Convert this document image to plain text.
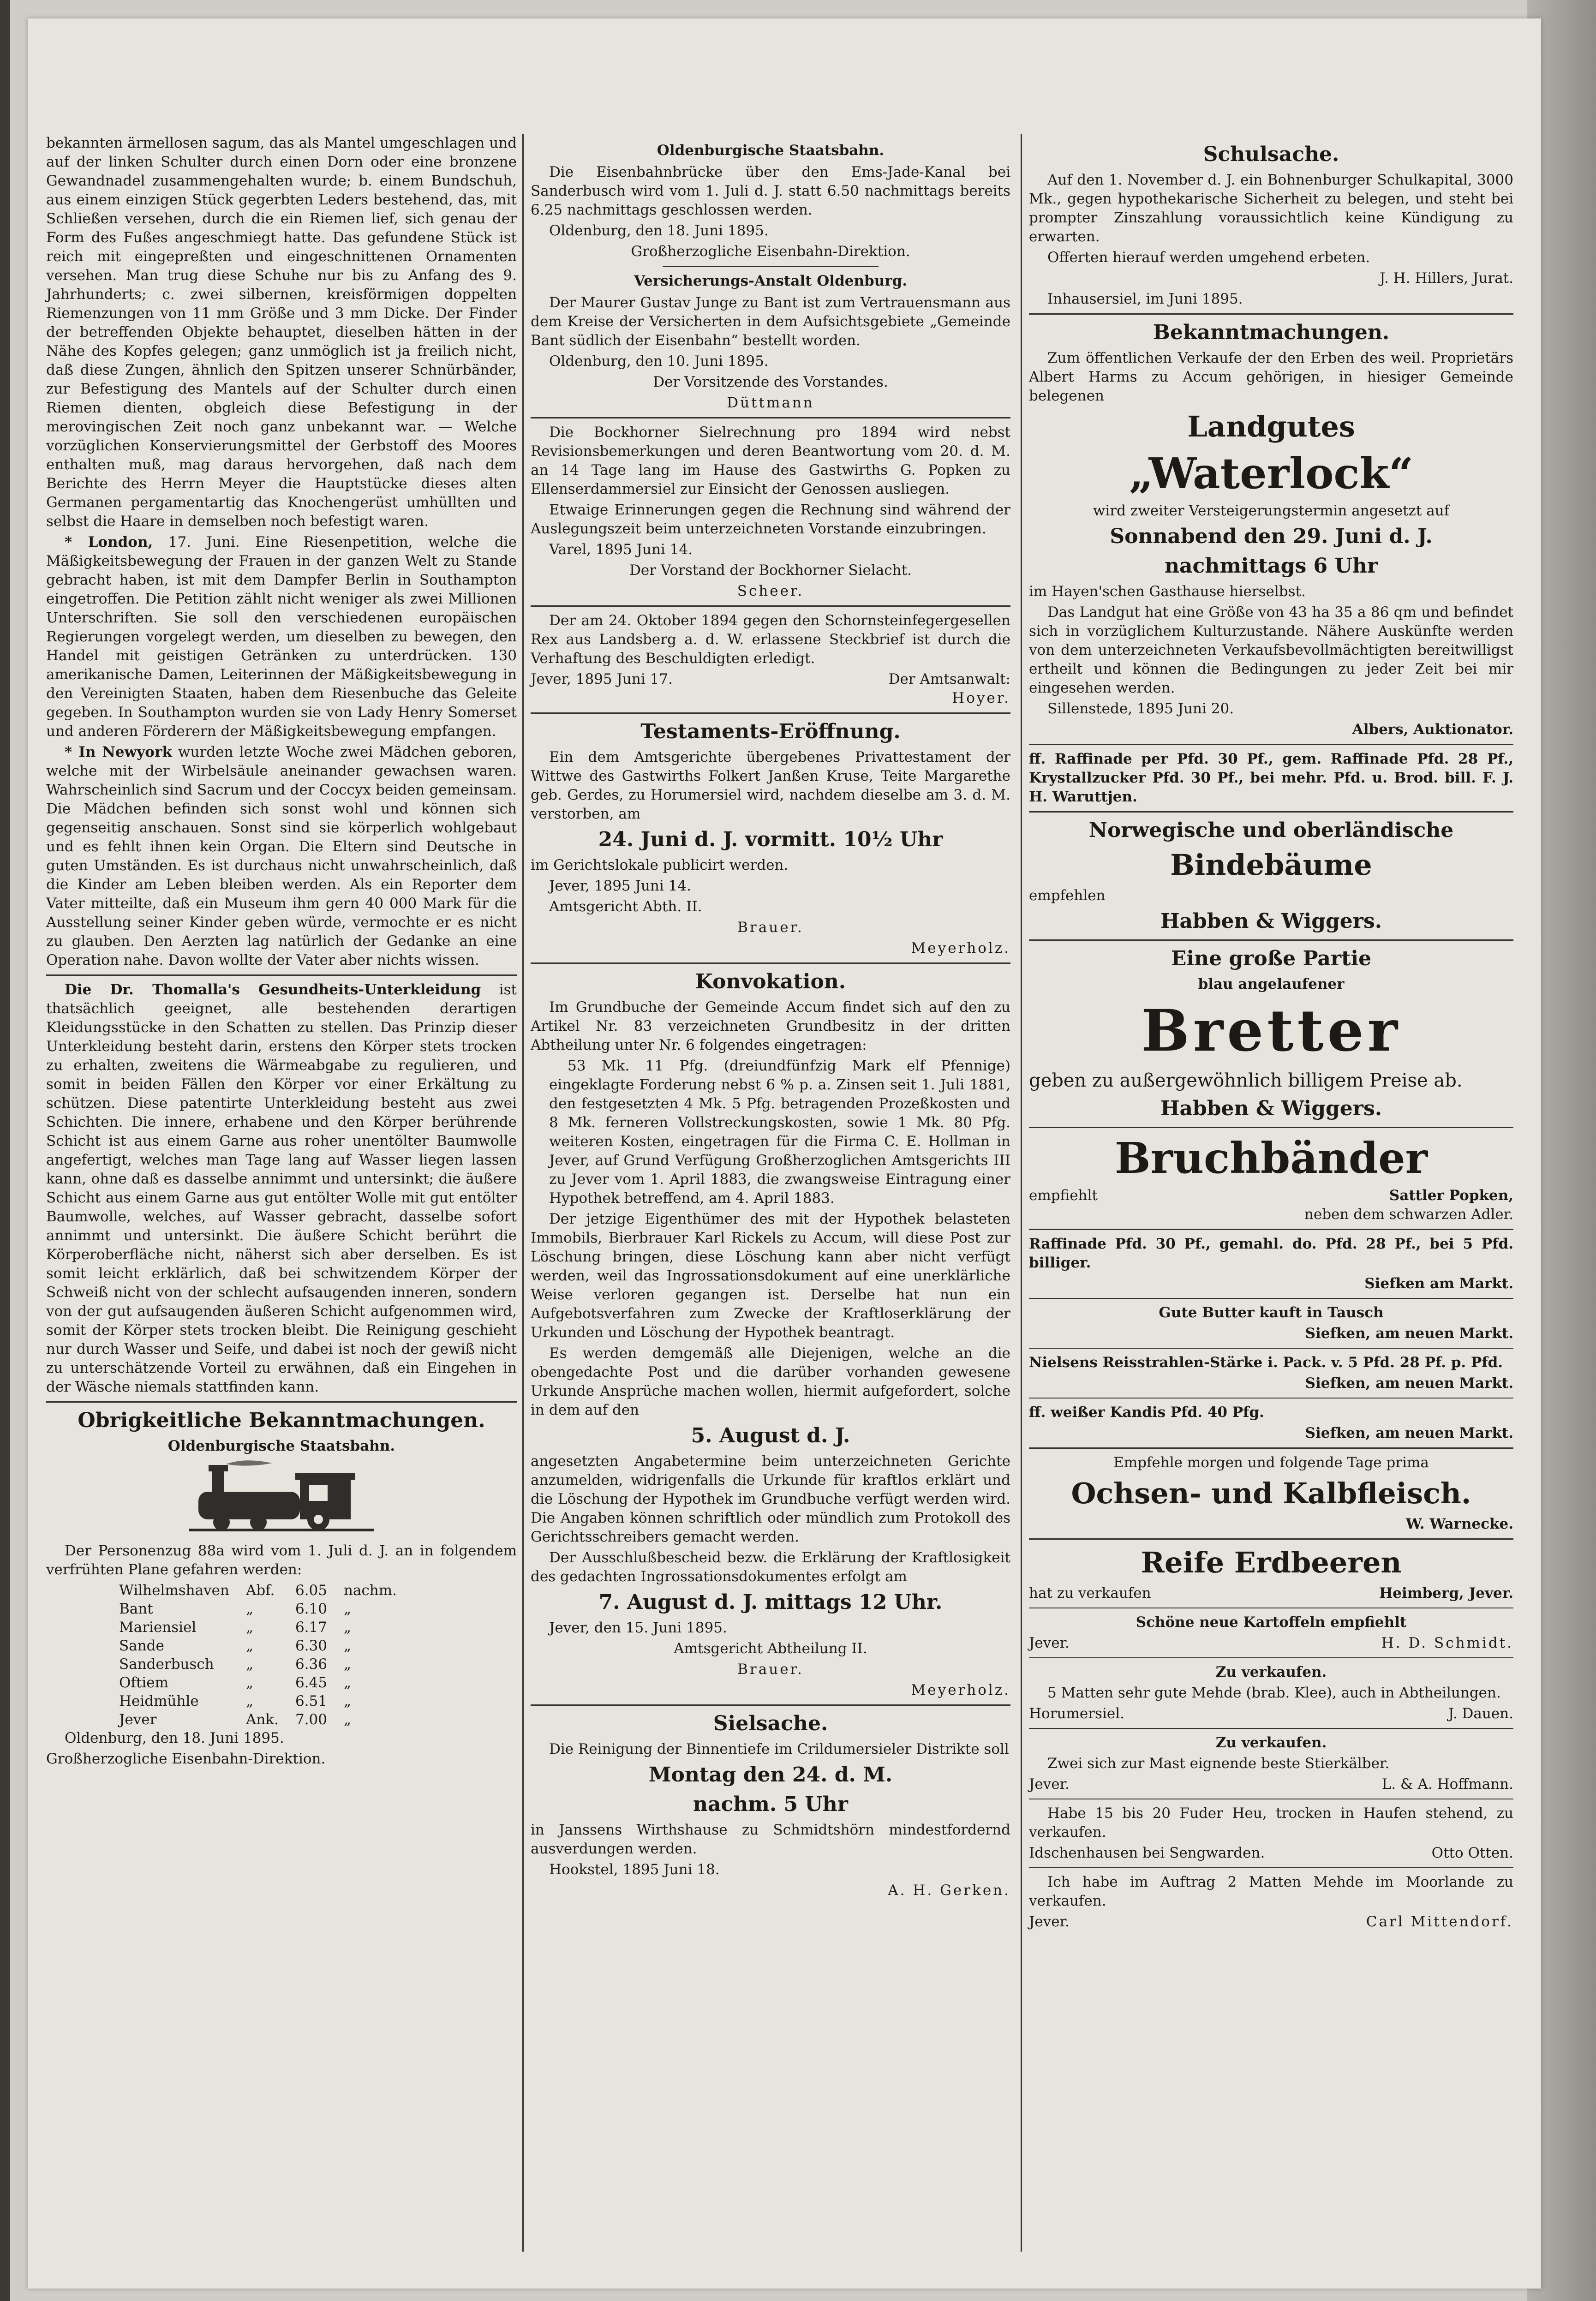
bekannten ärmellosen sagum, das als Mantel umgeschlagen und auf der linken Schulter durch einen Dorn oder eine bronzene Gewandnadel zusammengehalten wurde; b. einem Bundschuh, aus einem einzigen Stück gegerbten Leders bestehend, das, mit Schließen versehen, durch die ein Riemen lief, sich genau der Form des Fußes angeschmiegt hatte. Das gefundene Stück ist reich mit eingepreßten und eingeschnittenen Ornamenten versehen. Man trug diese Schuhe nur bis zu Anfang des 9. Jahrhunderts; c. zwei silbernen, kreisförmigen doppelten Riemenzungen von 11 mm Größe und 3 mm Dicke. Der Finder der betreffenden Objekte behauptet, dieselben hätten in der Nähe des Kopfes gelegen; ganz unmöglich ist ja freilich nicht, daß diese Zungen, ähnlich den Spitzen unserer Schnürbänder, zur Befestigung des Mantels auf der Schulter durch einen Riemen dienten, obgleich diese Befestigung in der merovingischen Zeit noch ganz unbekannt war. — Welche vorzüglichen Konservierungsmittel der Gerbstoff des Moores enthalten muß, mag daraus hervorgehen, daß nach dem Berichte des Herrn Meyer die Hauptstücke dieses alten Germanen pergamentartig das Knochengerüst umhüllten und selbst die Haare in demselben noch befestigt waren.

* London, 17. Juni. Eine Riesenpetition, welche die Mäßigkeitsbewegung der Frauen in der ganzen Welt zu Stande gebracht haben, ist mit dem Dampfer Berlin in Southampton eingetroffen. Die Petition zählt nicht weniger als zwei Millionen Unterschriften. Sie soll den verschiedenen europäischen Regierungen vorgelegt werden, um dieselben zu bewegen, den Handel mit geistigen Getränken zu unterdrücken. 130 amerikanische Damen, Leiterinnen der Mäßigkeitsbewegung in den Vereinigten Staaten, haben dem Riesenbuche das Geleite gegeben. In Southampton wurden sie von Lady Henry Somerset und anderen Förderern der Mäßigkeitsbewegung empfangen.

* In Newyork wurden letzte Woche zwei Mädchen geboren, welche mit der Wirbelsäule aneinander gewachsen waren. Wahrscheinlich sind Sacrum und der Coccyx beiden gemeinsam. Die Mädchen befinden sich sonst wohl und können sich gegenseitig anschauen. Sonst sind sie körperlich wohlgebaut und es fehlt ihnen kein Organ. Die Eltern sind Deutsche in guten Umständen. Es ist durchaus nicht unwahrscheinlich, daß die Kinder am Leben bleiben werden. Als ein Reporter dem Vater mitteilte, daß ein Museum ihm gern 40 000 Mark für die Ausstellung seiner Kinder geben würde, vermochte er es nicht zu glauben. Den Aerzten lag natürlich der Gedanke an eine Operation nahe. Davon wollte der Vater aber nichts wissen.

Die Dr. Thomalla's Gesundheits-Unterkleidung ist thatsächlich geeignet, alle bestehenden derartigen Kleidungsstücke in den Schatten zu stellen. Das Prinzip dieser Unterkleidung besteht darin, erstens den Körper stets trocken zu erhalten, zweitens die Wärmeabgabe zu regulieren, und somit in beiden Fällen den Körper vor einer Erkältung zu schützen. Diese patentirte Unterkleidung besteht aus zwei Schichten. Die innere, erhabene und den Körper berührende Schicht ist aus einem Garne aus roher unentölter Baumwolle angefertigt, welches man Tage lang auf Wasser liegen lassen kann, ohne daß es dasselbe annimmt und untersinkt; die äußere Schicht aus einem Garne aus gut entölter Wolle mit gut entölter Baumwolle, welches, auf Wasser gebracht, dasselbe sofort annimmt und untersinkt. Die äußere Schicht berührt die Körperoberfläche nicht, näherst sich aber derselben. Es ist somit leicht erklärlich, daß bei schwitzendem Körper der Schweiß nicht von der schlecht aufsaugenden inneren, sondern von der gut aufsaugenden äußeren Schicht aufgenommen wird, somit der Körper stets trocken bleibt. Die Reinigung geschieht nur durch Wasser und Seife, und dabei ist noch der gewiß nicht zu unterschätzende Vorteil zu erwähnen, daß ein Eingehen in der Wäsche niemals stattfinden kann.

Obrigkeitliche Bekanntmachungen.
Oldenburgische Staatsbahn.

Der Personenzug 88a wird vom 1. Juli d. J. an in folgendem verfrühten Plane gefahren werden:

Wilhelmshaven	Abf.	6.05	nachm.
Bant	„	6.10	„
Mariensiel	„	6.17	„
Sande	„	6.30	„
Sanderbusch	„	6.36	„
Oftiem	„	6.45	„
Heidmühle	„	6.51	„
Jever	Ank.	7.00	„

Oldenburg, den 18. Juni 1895.

Großherzogliche Eisenbahn-Direktion.

Oldenburgische Staatsbahn.

Die Eisenbahnbrücke über den Ems-Jade-Kanal bei Sanderbusch wird vom 1. Juli d. J. statt 6.50 nachmittags bereits 6.25 nachmittags geschlossen werden.

Oldenburg, den 18. Juni 1895.

Großherzogliche Eisenbahn-Direktion.

Versicherungs-Anstalt Oldenburg.

Der Maurer Gustav Junge zu Bant ist zum Vertrauensmann aus dem Kreise der Versicherten in dem Aufsichtsgebiete „Gemeinde Bant südlich der Eisenbahn“ bestellt worden.

Oldenburg, den 10. Juni 1895.

Der Vorsitzende des Vorstandes.

Düttmann

Die Bockhorner Sielrechnung pro 1894 wird nebst Revisionsbemerkungen und deren Beantwortung vom 20. d. M. an 14 Tage lang im Hause des Gastwirths G. Popken zu Ellenserdammersiel zur Einsicht der Genossen ausliegen.

Etwaige Erinnerungen gegen die Rechnung sind während der Auslegungszeit beim unterzeichneten Vorstande einzubringen.

Varel, 1895 Juni 14.

Der Vorstand der Bockhorner Sielacht.

Scheer.

Der am 24. Oktober 1894 gegen den Schornsteinfegergesellen Rex aus Landsberg a. d. W. erlassene Steckbrief ist durch die Verhaftung des Beschuldigten erledigt.

Jever, 1895 Juni 17.	Der Amtsanwalt:

Hoyer.

Testaments-Eröffnung.

Ein dem Amtsgerichte übergebenes Privattestament der Wittwe des Gastwirths Folkert Janßen Kruse, Teite Margarethe geb. Gerdes, zu Horumersiel wird, nachdem dieselbe am 3. d. M. verstorben, am

24. Juni d. J. vormitt. 10½ Uhr

im Gerichtslokale publicirt werden.

Jever, 1895 Juni 14.

Amtsgericht Abth. II.

Brauer.

Meyerholz.

Konvokation.

Im Grundbuche der Gemeinde Accum findet sich auf den zu Artikel Nr. 83 verzeichneten Grundbesitz in der dritten Abtheilung unter Nr. 6 folgendes eingetragen:

53 Mk. 11 Pfg. (dreiundfünfzig Mark elf Pfennige) eingeklagte Forderung nebst 6 % p. a. Zinsen seit 1. Juli 1881, den festgesetzten 4 Mk. 5 Pfg. betragenden Prozeßkosten und 8 Mk. ferneren Vollstreckungskosten, sowie 1 Mk. 80 Pfg. weiteren Kosten, eingetragen für die Firma C. E. Hollman in Jever, auf Grund Verfügung Großherzoglichen Amtsgerichts III zu Jever vom 1. April 1883, die zwangsweise Eintragung einer Hypothek betreffend, am 4. April 1883.

Der jetzige Eigenthümer des mit der Hypothek belasteten Immobils, Bierbrauer Karl Rickels zu Accum, will diese Post zur Löschung bringen, diese Löschung kann aber nicht verfügt werden, weil das Ingrossationsdokument auf eine unerklärliche Weise verloren gegangen ist. Derselbe hat nun ein Aufgebotsverfahren zum Zwecke der Kraftloserklärung der Urkunden und Löschung der Hypothek beantragt.

Es werden demgemäß alle Diejenigen, welche an die obengedachte Post und die darüber vorhanden gewesene Urkunde Ansprüche machen wollen, hiermit aufgefordert, solche in dem auf den

5. August d. J.

angesetzten Angabetermine beim unterzeichneten Gerichte anzumelden, widrigenfalls die Urkunde für kraftlos erklärt und die Löschung der Hypothek im Grundbuche verfügt werden wird. Die Angaben können schriftlich oder mündlich zum Protokoll des Gerichtsschreibers gemacht werden.

Der Ausschlußbescheid bezw. die Erklärung der Kraftlosigkeit des gedachten Ingrossationsdokumentes erfolgt am

7. August d. J. mittags 12 Uhr.

Jever, den 15. Juni 1895.

Amtsgericht Abtheilung II.

Brauer.

Meyerholz.

Sielsache.

Die Reinigung der Binnentiefe im Crildumersieler Distrikte soll

Montag den 24. d. M.
nachm. 5 Uhr

in Janssens Wirthshause zu Schmidtshörn mindestfordernd ausverdungen werden.

Hookstel, 1895 Juni 18.

A. H. Gerken.

Schulsache.

Auf den 1. November d. J. ein Bohnenburger Schulkapital, 3000 Mk., gegen hypothekarische Sicherheit zu belegen, und steht bei prompter Zinszahlung voraussichtlich keine Kündigung zu erwarten.

Offerten hierauf werden umgehend erbeten.

J. H. Hillers, Jurat.

Inhausersiel, im Juni 1895.

Bekanntmachungen.

Zum öffentlichen Verkaufe der den Erben des weil. Proprietärs Albert Harms zu Accum gehörigen, in hiesiger Gemeinde belegenen

Landgutes
„Waterlock“

wird zweiter Versteigerungstermin angesetzt auf

Sonnabend den 29. Juni d. J.
nachmittags 6 Uhr

im Hayen'schen Gasthause hierselbst.

Das Landgut hat eine Größe von 43 ha 35 a 86 qm und befindet sich in vorzüglichem Kulturzustande. Nähere Auskünfte werden von dem unterzeichneten Verkaufsbevollmächtigten bereitwilligst ertheilt und können die Bedingungen zu jeder Zeit bei mir eingesehen werden.

Sillenstede, 1895 Juni 20.

Albers, Auktionator.

ff. Raffinade per Pfd. 30 Pf., gem. Raffinade Pfd. 28 Pf., Krystallzucker Pfd. 30 Pf., bei mehr. Pfd. u. Brod. bill. F. J. H. Waruttjen.

Norwegische und oberländische
Bindebäume

empfehlen

Habben & Wiggers.
Eine große Partie
blau angelaufener
Bretter

geben zu außergewöhnlich billigem Preise ab.

Habben & Wiggers.
Bruchbänder
empfiehlt	Sattler Popken,

neben dem schwarzen Adler.

Raffinade Pfd. 30 Pf., gemahl. do. Pfd. 28 Pf., bei 5 Pfd. billiger.

Siefken am Markt.

Gute Butter kauft in Tausch

Siefken, am neuen Markt.

Nielsens Reisstrahlen-Stärke i. Pack. v. 5 Pfd. 28 Pf. p. Pfd.

Siefken, am neuen Markt.

ff. weißer Kandis Pfd. 40 Pfg.

Siefken, am neuen Markt.

Empfehle morgen und folgende Tage prima

Ochsen- und Kalbfleisch.

W. Warnecke.

Reife Erdbeeren
hat zu verkaufen	Heimberg, Jever.

Schöne neue Kartoffeln empfiehlt

Jever.	H. D. Schmidt.

Zu verkaufen.

5 Matten sehr gute Mehde (brab. Klee), auch in Abtheilungen.

Horumersiel.	J. Dauen.

Zu verkaufen.

Zwei sich zur Mast eignende beste Stierkälber.

Jever.	L. & A. Hoffmann.

Habe 15 bis 20 Fuder Heu, trocken in Haufen stehend, zu verkaufen.

Idschenhausen bei Sengwarden.	Otto Otten.

Ich habe im Auftrag 2 Matten Mehde im Moorlande zu verkaufen.

Jever.	Carl Mittendorf.
